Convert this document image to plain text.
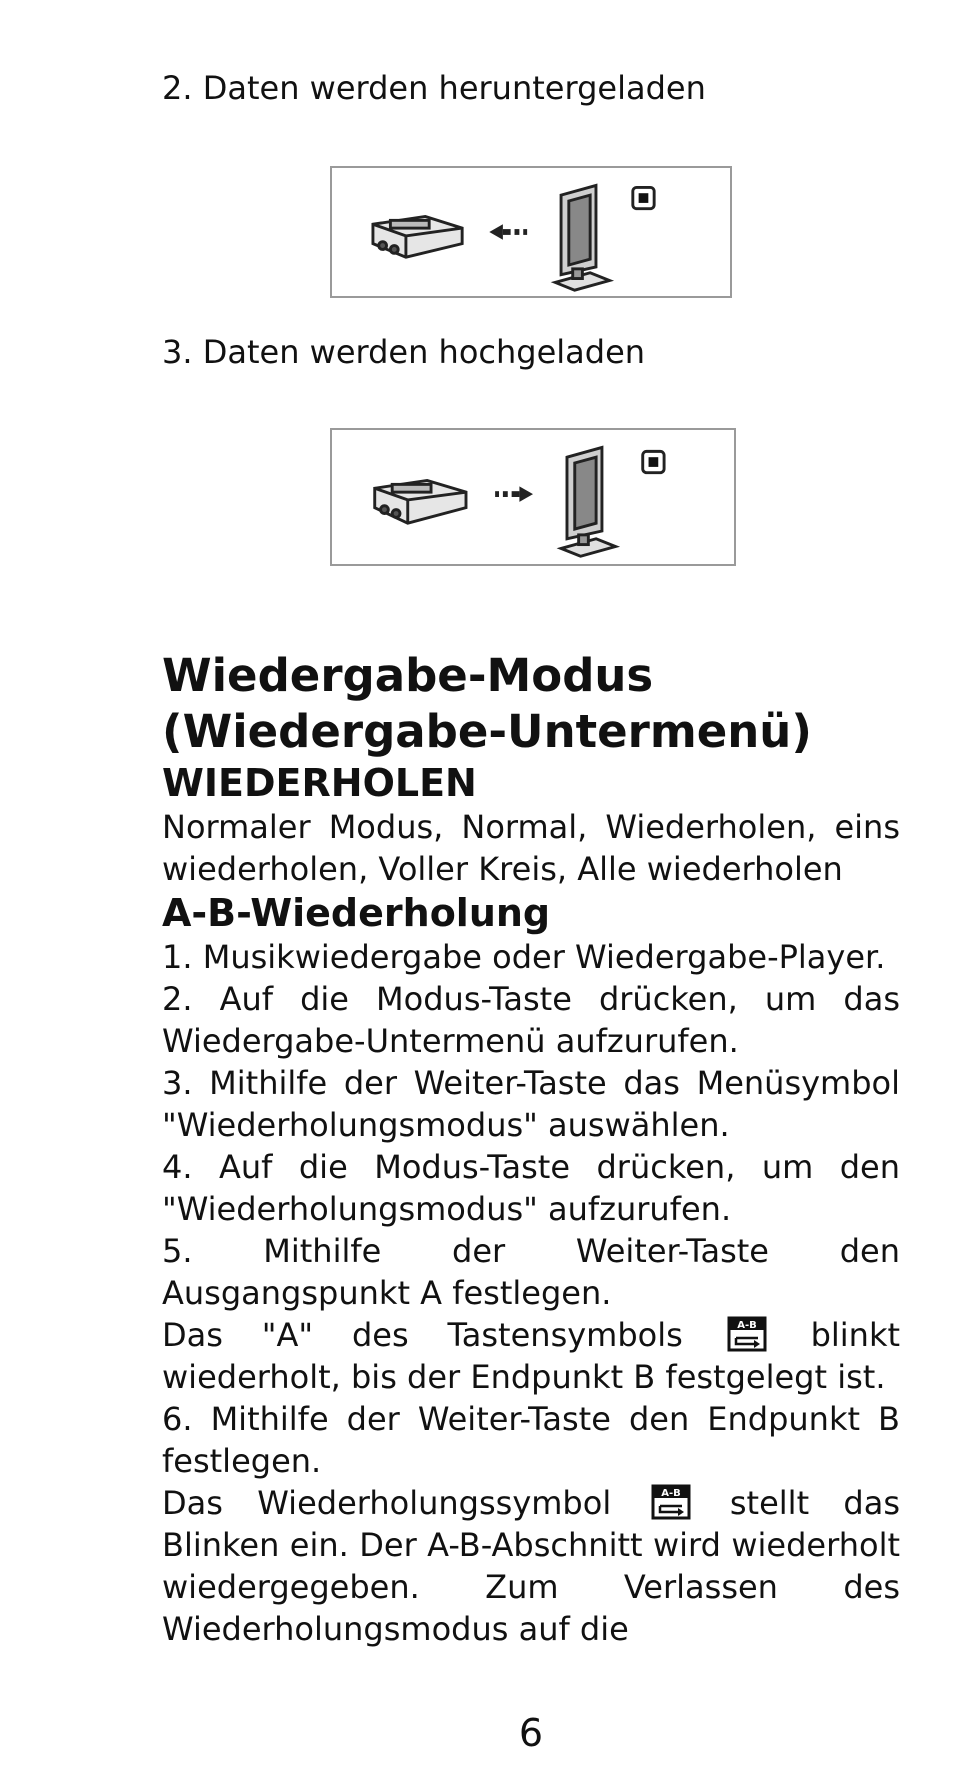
2. Daten werden heruntergeladen

3. Daten werden hochgeladen

Wiedergabe-Modus
(Wiedergabe-Untermenü)
WIEDERHOLEN

Normaler Modus, Normal, Wiederholen, eins wiederholen, Voller Kreis, Alle wiederholen

A-B-Wiederholung

1. Musikwiedergabe oder Wiedergabe-Player.

2. Auf die Modus-Taste drücken, um das Wiedergabe-Untermenü aufzurufen.

3. Mithilfe der Weiter-Taste das Menüsymbol "Wiederholungsmodus" auswählen.

4. Auf die Modus-Taste drücken, um den "Wiederholungsmodus" aufzurufen.

5. Mithilfe der Weiter-Taste den Ausgangspunkt A festlegen.

Das "A" des Tastensymbols	A-B blinkt wiederholt, bis der Endpunkt B festgelegt ist.

6. Mithilfe der Weiter-Taste den Endpunkt B festlegen.

Das Wiederholungssymbol	A-B stellt das Blinken ein. Der A-B-Abschnitt wird wiederholt wiedergegeben. Zum Verlassen des Wiederholungsmodus auf die

6
